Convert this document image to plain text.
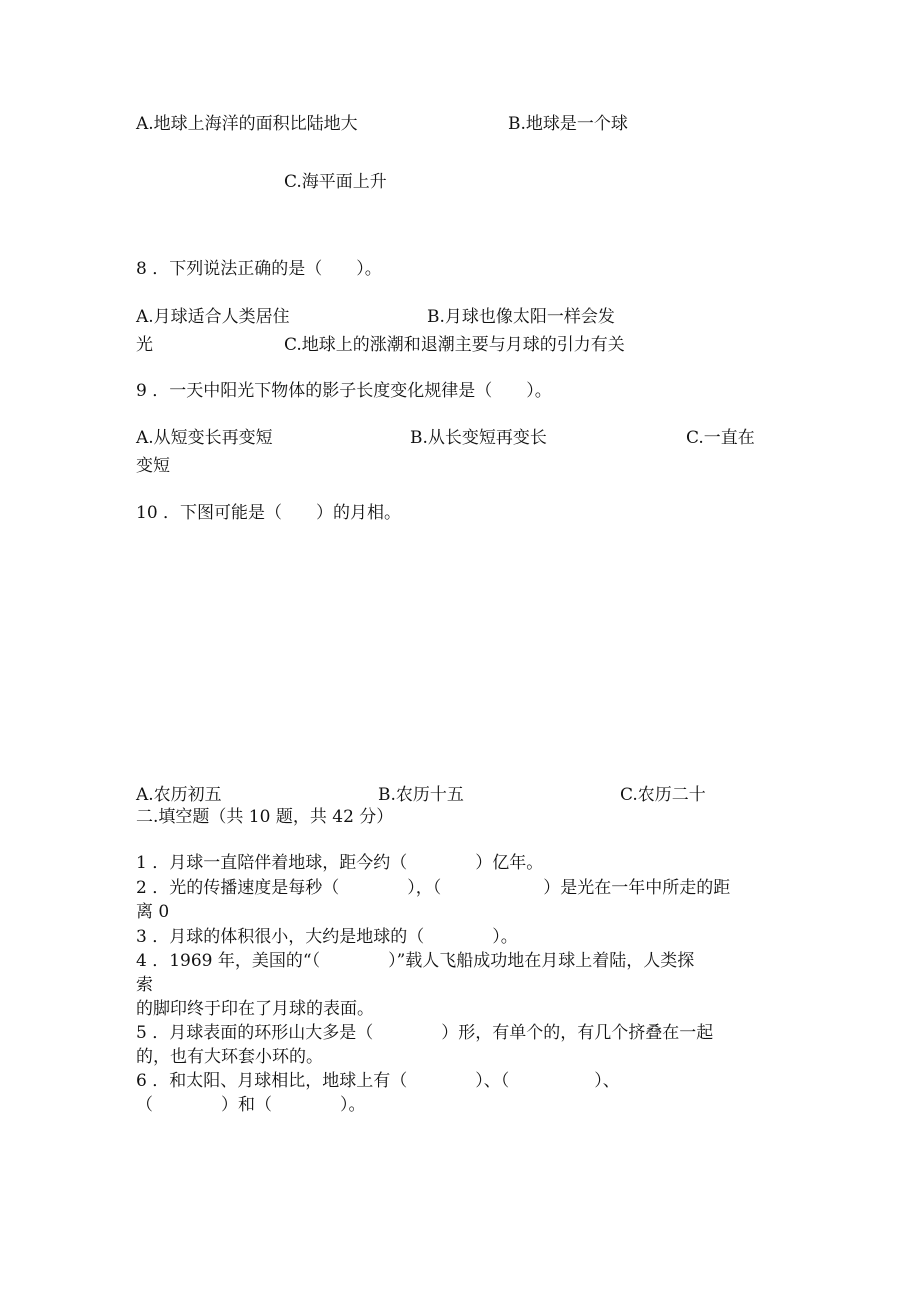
A.地球上海洋的面积比陆地大	B.地球是一个球
C.海平面上升
8 ．下列说法正确的是（　　）。
A.月球适合人类居住	B.月球也像太阳一样会发
光	C.地球上的涨潮和退潮主要与月球的引力有关
9 ．一天中阳光下物体的影子长度变化规律是（　　）。
A.从短变长再变短	B.从长变短再变长	C.一直在
变短
10 ．下图可能是（　　）的月相。
A.农历初五	B.农历十五	C.农历二十
二.填空题（共 10 题，共 42 分）
1 ．月球一直陪伴着地球，距今约（　　　　）亿年。
2 ．光的传播速度是每秒（　　　　），（　　　　　　）是光在一年中所走的距
离 0
3 ．月球的体积很小，大约是地球的（　　　　）。
4 ．1969 年，美国的“（　　　　）”载人飞船成功地在月球上着陆，人类探
索
的脚印终于印在了月球的表面。
5 ．月球表面的环形山大多是（　　　　）形，有单个的，有几个挤叠在一起
的，也有大环套小环的。
6 ．和太阳、月球相比，地球上有（　　　　）、（　　　　　）、
（　　　　）和（　　　　）。
